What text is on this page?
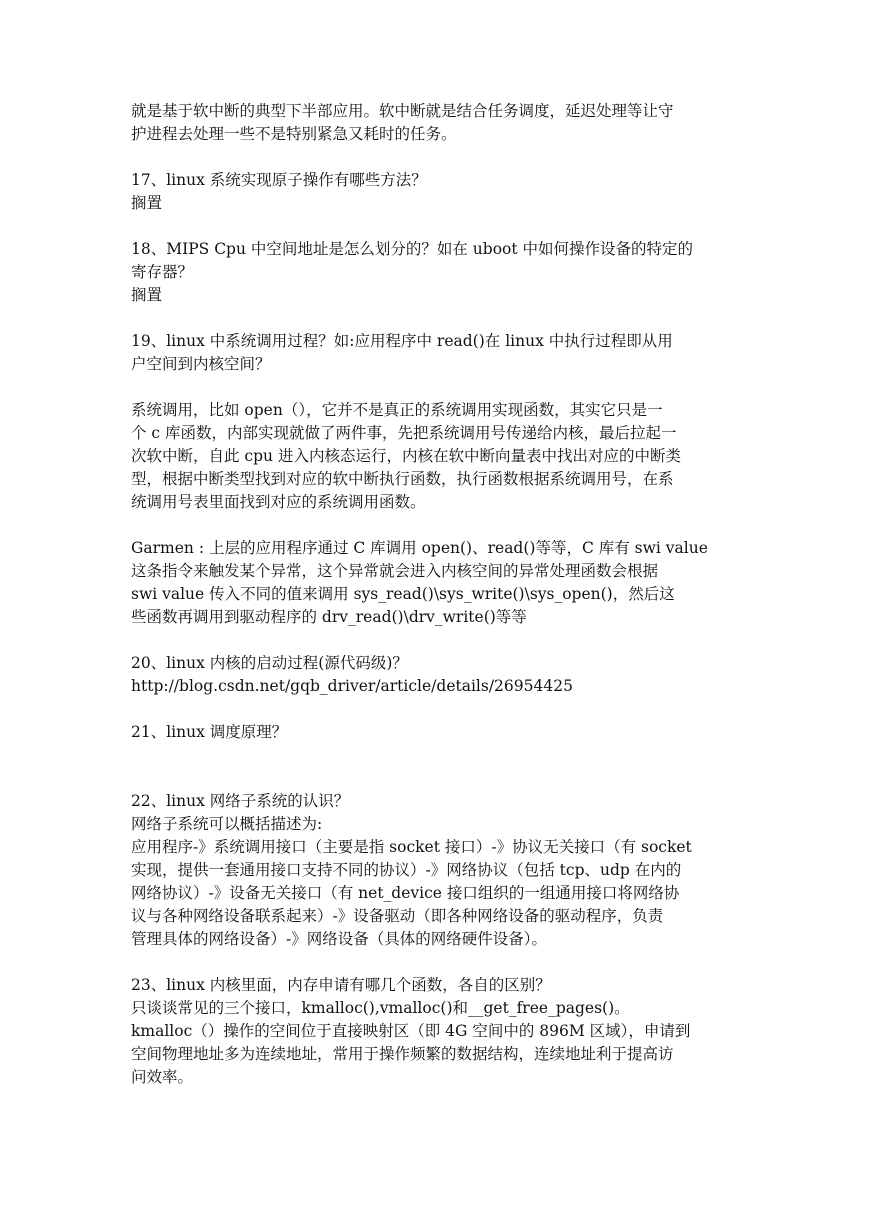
就是基于软中断的典型下半部应用。软中断就是结合任务调度，延迟处理等让守
护进程去处理一些不是特别紧急又耗时的任务。
17、linux 系统实现原子操作有哪些方法？
搁置
18、MIPS Cpu 中空间地址是怎么划分的？如在 uboot 中如何操作设备的特定的
寄存器？
搁置
19、linux 中系统调用过程？如:应用程序中 read()在 linux 中执行过程即从用
户空间到内核空间？
系统调用，比如 open（），它并不是真正的系统调用实现函数，其实它只是一
个 c 库函数，内部实现就做了两件事，先把系统调用号传递给内核，最后拉起一
次软中断，自此 cpu 进入内核态运行，内核在软中断向量表中找出对应的中断类
型，根据中断类型找到对应的软中断执行函数，执行函数根据系统调用号，在系
统调用号表里面找到对应的系统调用函数。
Garmen : 上层的应用程序通过 C 库调用 open()、read()等等，C 库有 swi value
这条指令来触发某个异常，这个异常就会进入内核空间的异常处理函数会根据
swi value 传入不同的值来调用 sys_read()\sys_write()\sys_open()，然后这
些函数再调用到驱动程序的 drv_read()\drv_write()等等
20、linux 内核的启动过程(源代码级)？
http://blog.csdn.net/gqb_driver/article/details/26954425
21、linux 调度原理？
22、linux 网络子系统的认识？
网络子系统可以概括描述为:
应用程序-》系统调用接口（主要是指 socket 接口）-》协议无关接口（有 socket
实现，提供一套通用接口支持不同的协议）-》网络协议（包括 tcp、udp 在内的
网络协议）-》设备无关接口（有 net_device 接口组织的一组通用接口将网络协
议与各种网络设备联系起来）-》设备驱动（即各种网络设备的驱动程序，负责
管理具体的网络设备）-》网络设备（具体的网络硬件设备）。
23、linux 内核里面，内存申请有哪几个函数，各自的区别？
只谈谈常见的三个接口，kmalloc(),vmalloc()和__get_free_pages()。
kmalloc（）操作的空间位于直接映射区（即 4G 空间中的 896M 区域），申请到
空间物理地址多为连续地址，常用于操作频繁的数据结构，连续地址利于提高访
问效率。
